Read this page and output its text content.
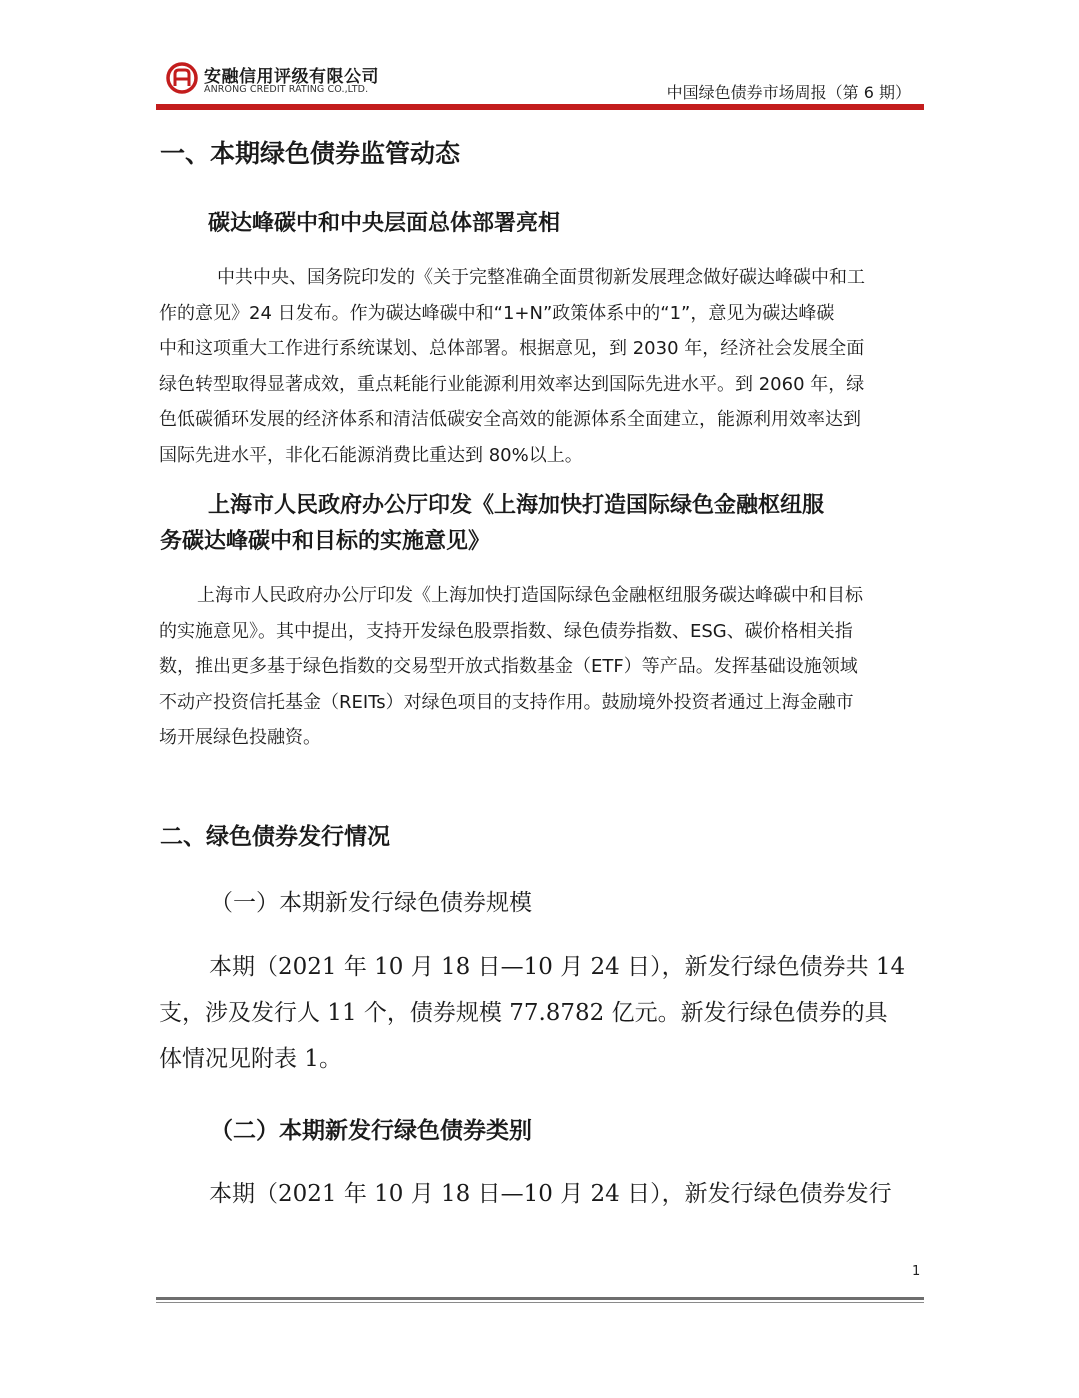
安融信用评级有限公司
ANRONG CREDIT RATING CO.,LTD.	中国绿色债券市场周报（第 6 期）
一、本期绿色债券监管动态
碳达峰碳中和中央层面总体部署亮相
中共中央、国务院印发的《关于完整准确全面贯彻新发展理念做好碳达峰碳中和工
作的意见》24 日发布。作为碳达峰碳中和“1+N”政策体系中的“1”，意见为碳达峰碳
中和这项重大工作进行系统谋划、总体部署。根据意见，到 2030 年，经济社会发展全面
绿色转型取得显著成效，重点耗能行业能源利用效率达到国际先进水平。到 2060 年，绿
色低碳循环发展的经济体系和清洁低碳安全高效的能源体系全面建立，能源利用效率达到
国际先进水平，非化石能源消费比重达到 80%以上。
上海市人民政府办公厅印发《上海加快打造国际绿色金融枢纽服
务碳达峰碳中和目标的实施意见》
上海市人民政府办公厅印发《上海加快打造国际绿色金融枢纽服务碳达峰碳中和目标
的实施意见》。其中提出，支持开发绿色股票指数、绿色债券指数、ESG、碳价格相关指
数，推出更多基于绿色指数的交易型开放式指数基金（ETF）等产品。发挥基础设施领域
不动产投资信托基金（REITs）对绿色项目的支持作用。鼓励境外投资者通过上海金融市
场开展绿色投融资。
二、绿色债券发行情况
（一）本期新发行绿色债券规模
本期（2021 年 10 月 18 日—10 月 24 日），新发行绿色债券共 14
支，涉及发行人 11 个，债券规模 77.8782 亿元。新发行绿色债券的具
体情况见附表 1。
（二）本期新发行绿色债券类别
本期（2021 年 10 月 18 日—10 月 24 日），新发行绿色债券发行
1
